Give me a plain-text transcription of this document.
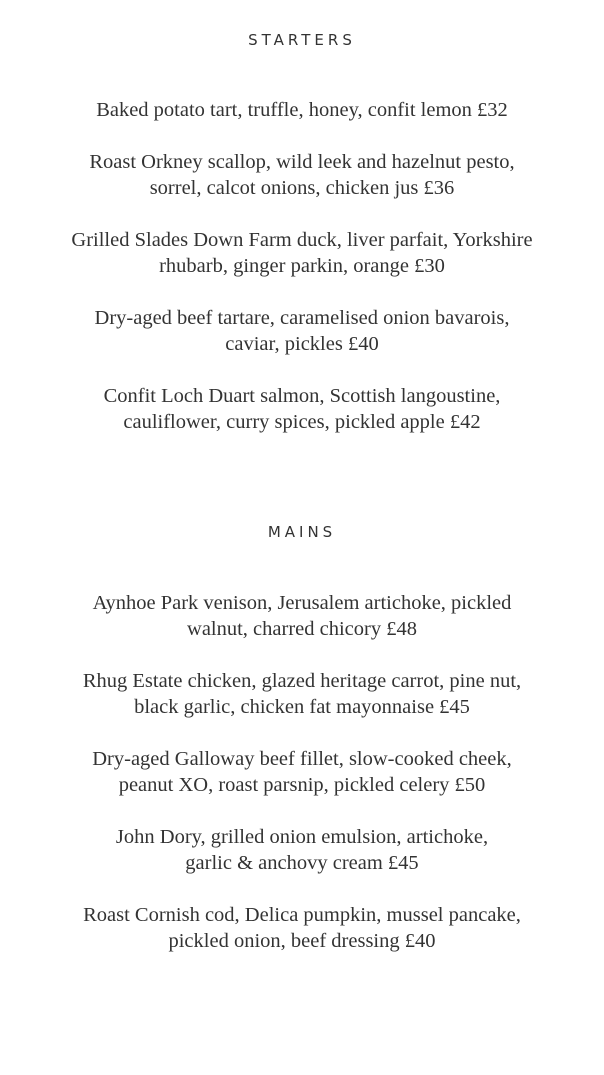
STARTERS

Baked potato tart, truffle, honey, confit lemon £32

Roast Orkney scallop, wild leek and hazelnut pesto,
sorrel, calcot onions, chicken jus £36

Grilled Slades Down Farm duck, liver parfait, Yorkshire
rhubarb, ginger parkin, orange £30

Dry-aged beef tartare, caramelised onion bavarois,
caviar, pickles £40

Confit Loch Duart salmon, Scottish langoustine,
cauliflower, curry spices, pickled apple £42

MAINS

Aynhoe Park venison, Jerusalem artichoke, pickled
walnut, charred chicory £48

Rhug Estate chicken, glazed heritage carrot, pine nut,
black garlic, chicken fat mayonnaise £45

Dry-aged Galloway beef fillet, slow-cooked cheek,
peanut XO, roast parsnip, pickled celery £50

John Dory, grilled onion emulsion, artichoke,
garlic & anchovy cream £45

Roast Cornish cod, Delica pumpkin, mussel pancake,
pickled onion, beef dressing £40
